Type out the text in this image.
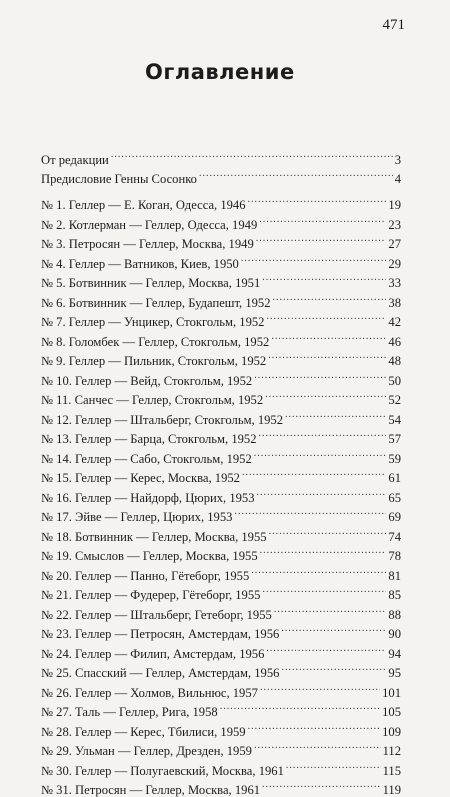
471
Оглавление
От редакции .....	3
Предисловие Генны Сосонко .....	4
№ 1. Геллер — Е. Коган, Одесса, 1946 .....	19
№ 2. Котлерман — Геллер, Одесса, 1949 .....	23
№ 3. Петросян — Геллер, Москва, 1949 .....	27
№ 4. Геллер — Ватников, Киев, 1950 .....	29
№ 5. Ботвинник — Геллер, Москва, 1951 .....	33
№ 6. Ботвинник — Геллер, Будапешт, 1952 .....	38
№ 7. Геллер — Унцикер, Стокгольм, 1952 .....	42
№ 8. Голомбек — Геллер, Стокгольм, 1952 .....	46
№ 9. Геллер — Пильник, Стокгольм, 1952 .....	48
№ 10. Геллер — Вейд, Стокгольм, 1952 .....	50
№ 11. Санчес — Геллер, Стокгольм, 1952 .....	52
№ 12. Геллер — Штальберг, Стокгольм, 1952 .....	54
№ 13. Геллер — Барца, Стокгольм, 1952 .....	57
№ 14. Геллер — Сабо, Стокгольм, 1952 .....	59
№ 15. Геллер — Керес, Москва, 1952 .....	61
№ 16. Геллер — Найдорф, Цюрих, 1953 .....	65
№ 17. Эйве — Геллер, Цюрих, 1953 .....	69
№ 18. Ботвинник — Геллер, Москва, 1955 .....	74
№ 19. Смыслов — Геллер, Москва, 1955 .....	78
№ 20. Геллер — Панно, Гётеборг, 1955 .....	81
№ 21. Геллер — Фудерер, Гётеборг, 1955 .....	85
№ 22. Геллер — Штальберг, Гетеборг, 1955 .....	88
№ 23. Геллер — Петросян, Амстердам, 1956 .....	90
№ 24. Геллер — Филип, Амстердам, 1956 .....	94
№ 25. Спасский — Геллер, Амстердам, 1956 .....	95
№ 26. Геллер — Холмов, Вильнюс, 1957 .....	101
№ 27. Таль — Геллер, Рига, 1958 .....	105
№ 28. Геллер — Керес, Тбилиси, 1959 .....	109
№ 29. Ульман — Геллер, Дрезден, 1959 .....	112
№ 30. Геллер — Полугаевский, Москва, 1961 .....	115
№ 31. Петросян — Геллер, Москва, 1961 .....	119
